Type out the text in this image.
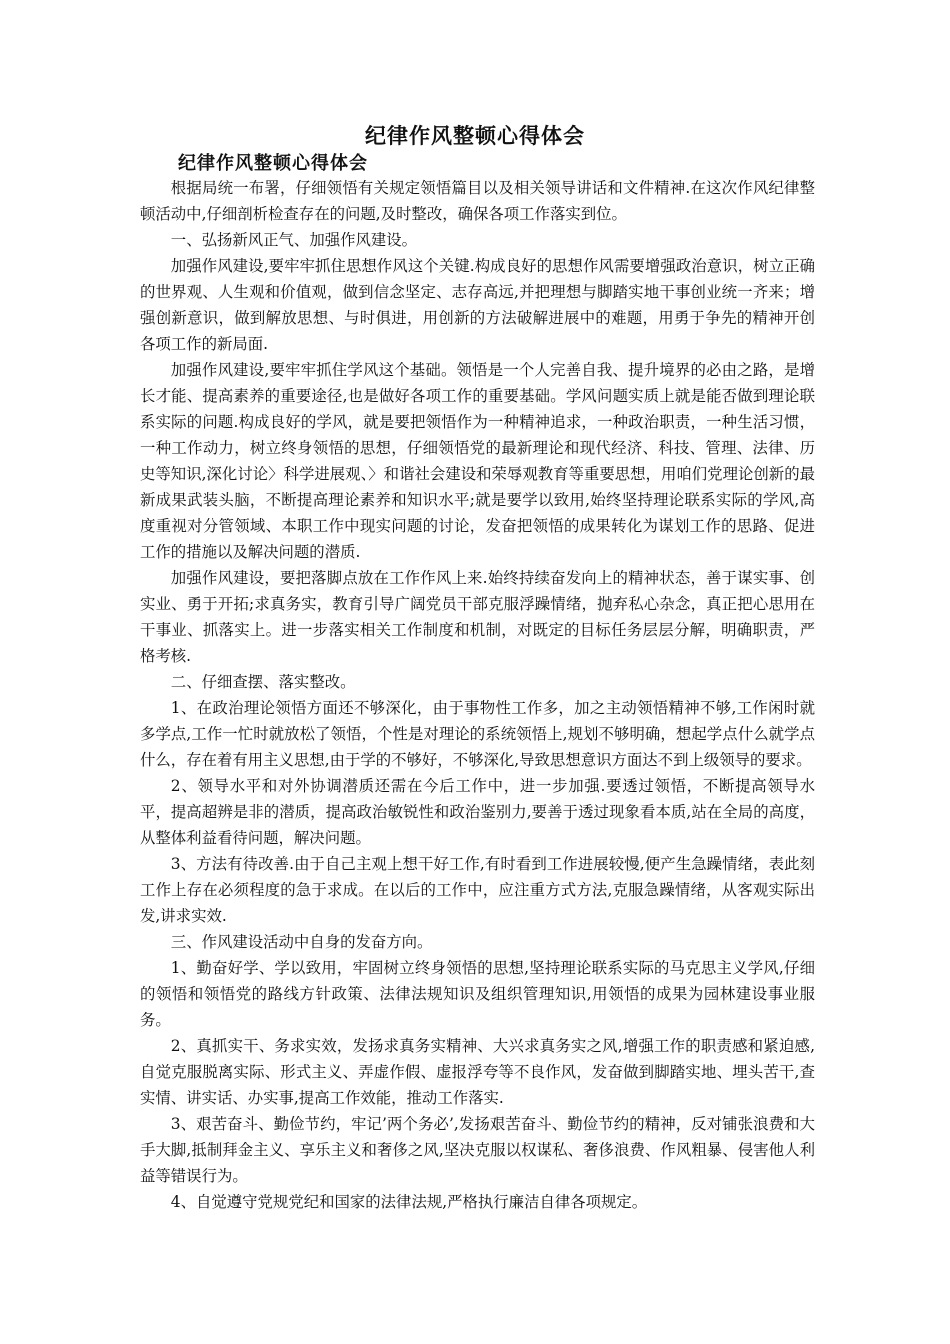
纪律作风整顿心得体会
纪律作风整顿心得体会

根据局统一布署，仔细领悟有关规定领悟篇目以及相关领导讲话和文件精神.在这次作风纪律整顿活动中,仔细剖析检查存在的问题,及时整改，确保各项工作落实到位。

一、弘扬新风正气、加强作风建设。

加强作风建设,要牢牢抓住思想作风这个关键.构成良好的思想作风需要增强政治意识，树立正确的世界观、人生观和价值观，做到信念坚定、志存高远,并把理想与脚踏实地干事创业统一齐来；增强创新意识，做到解放思想、与时俱进，用创新的方法破解进展中的难题，用勇于争先的精神开创各项工作的新局面.

加强作风建设,要牢牢抓住学风这个基础。领悟是一个人完善自我、提升境界的必由之路，是增长才能、提高素养的重要途径,也是做好各项工作的重要基础。学风问题实质上就是能否做到理论联系实际的问题.构成良好的学风，就是要把领悟作为一种精神追求，一种政治职责，一种生活习惯，一种工作动力，树立终身领悟的思想，仔细领悟党的最新理论和现代经济、科技、管理、法律、历史等知识,深化讨论〉科学进展观、〉和谐社会建设和荣辱观教育等重要思想，用咱们党理论创新的最新成果武装头脑，不断提高理论素养和知识水平;就是要学以致用,始终坚持理论联系实际的学风,高度重视对分管领域、本职工作中现实问题的讨论，发奋把领悟的成果转化为谋划工作的思路、促进工作的措施以及解决问题的潜质.

加强作风建设，要把落脚点放在工作作风上来.始终持续奋发向上的精神状态，善于谋实事、创实业、勇于开拓;求真务实，教育引导广阔党员干部克服浮躁情绪，抛弃私心杂念，真正把心思用在干事业、抓落实上。进一步落实相关工作制度和机制，对既定的目标任务层层分解，明确职责，严格考核.

二、仔细查摆、落实整改。

1、在政治理论领悟方面还不够深化，由于事物性工作多，加之主动领悟精神不够,工作闲时就多学点,工作一忙时就放松了领悟，个性是对理论的系统领悟上,规划不够明确，想起学点什么就学点什么，存在着有用主义思想,由于学的不够好，不够深化,导致思想意识方面达不到上级领导的要求。

2、领导水平和对外协调潜质还需在今后工作中，进一步加强.要透过领悟，不断提高领导水平，提高超辨是非的潜质，提高政治敏锐性和政治鉴别力,要善于透过现象看本质,站在全局的高度，从整体利益看待问题，解决问题。

3、方法有待改善.由于自己主观上想干好工作,有时看到工作进展较慢,便产生急躁情绪，表此刻工作上存在必须程度的急于求成。在以后的工作中，应注重方式方法,克服急躁情绪，从客观实际出发,讲求实效.

三、作风建设活动中自身的发奋方向。

1、勤奋好学、学以致用，牢固树立终身领悟的思想,坚持理论联系实际的马克思主义学风,仔细的领悟和领悟党的路线方针政策、法律法规知识及组织管理知识,用领悟的成果为园林建设事业服务。

2、真抓实干、务求实效，发扬求真务实精神、大兴求真务实之风,增强工作的职责感和紧迫感,自觉克服脱离实际、形式主义、弄虚作假、虚报浮夸等不良作风，发奋做到脚踏实地、埋头苦干,查实情、讲实话、办实事,提高工作效能，推动工作落实.

3、艰苦奋斗、勤俭节约，牢记’两个务必’,发扬艰苦奋斗、勤俭节约的精神，反对铺张浪费和大手大脚,抵制拜金主义、享乐主义和奢侈之风,坚决克服以权谋私、奢侈浪费、作风粗暴、侵害他人利益等错误行为。

4、自觉遵守党规党纪和国家的法律法规,严格执行廉洁自律各项规定。
